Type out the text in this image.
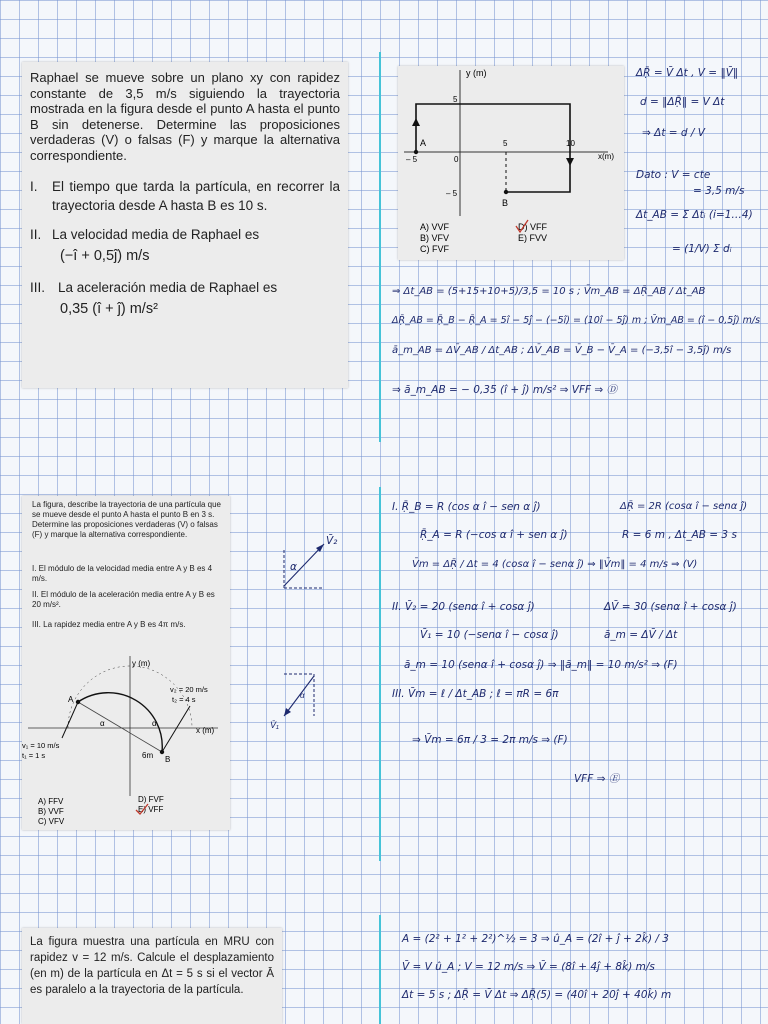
Raphael se mueve sobre un plano xy con rapidez constante de 3,5 m/s siguiendo la trayectoria mostrada en la figura desde el punto A hasta el punto B sin detenerse. Determine las proposiciones verdaderas (V) o falsas (F) y marque la alternativa correspondiente.
I.	El tiempo que tarda la partícula, en recorrer la trayectoria desde A hasta B es 10 s.
II. La velocidad media de Raphael es
(−î + 0,5ĵ) m/s
III. La aceleración media de Raphael es
0,35 (î + ĵ) m/s²
y (m)
x(m)
5
– 5
– 5	0
5	10
A
B
A) VVF
B) VFV
C) FVF
D) VFF
E) FVV
ΔṜ = V̄ Δt , V = ‖V̄‖
d = ‖ΔṜ‖ = V Δt
⇒ Δt = d / V
Dato : V = cte
= 3,5 m/s
Δt_AB = Σ Δtᵢ (i=1…4)
= (1/V) Σ dᵢ
⇒ Δt_AB = (5+15+10+5)/3,5 = 10 s ; V̄m_AB = ΔṜ_AB / Δt_AB
ΔṜ_AB = Ṝ_B − Ṝ_A = 5î − 5ĵ − (−5î) = (10î − 5ĵ) m ; V̄m_AB = (î − 0,5ĵ) m/s
ā_m_AB = ΔV̄_AB / Δt_AB ; ΔV̄_AB = V̄_B − V̄_A = (−3,5î − 3,5ĵ) m/s
⇒ ā_m_AB = − 0,35 (î + ĵ) m/s² ⇒ VFF ⇒ Ⓓ
La figura, describe la trayectoria de una partícula que se mueve desde el punto A hasta el punto B en 3 s. Determine las proposiciones verdaderas (V) o falsas (F) y marque la alternativa correspondiente.
I. El módulo de la velocidad media entre A y B es 4 m/s.
II. El módulo de la aceleración media entre A y B es 20 m/s².
III. La rapidez media entre A y B es 4π m/s.
y (m)
x (m)
A
B
α	α
6m
v₂ = 20 m/s
t₂ = 4 s
v₁ = 10 m/s
t₁ = 1 s
A) FFV
B) VVF
C) VFV
D) FVF
E) VFF
V̄₂
α
V̄₁
α
I. Ṝ_B = R (cos α î − sen α ĵ)	ΔṜ = 2R (cosα î − senα ĵ)
Ṝ_A = R (−cos α î + sen α ĵ)	R = 6 m , Δt_AB = 3 s
V̄m = ΔṜ / Δt = 4 (cosα î − senα ĵ) ⇒ ‖V̄m‖ = 4 m/s ⇒ (V)
II. V̄₂ = 20 (senα î + cosα ĵ)	ΔV̄ = 30 (senα î + cosα ĵ)
V̄₁ = 10 (−senα î − cosα ĵ)	ā_m = ΔV̄ / Δt
ā_m = 10 (senα î + cosα ĵ) ⇒ ‖ā_m‖ = 10 m/s² ⇒ (F)
III. V̄m = ℓ / Δt_AB ; ℓ = πR = 6π
⇒ V̄m = 6π / 3 = 2π m/s ⇒ (F)
VFF ⇒ Ⓔ
La figura muestra una partícula en MRU con rapidez v = 12 m/s. Calcule el desplazamiento (en m) de la partícula en Δt = 5 s si el vector Ā es paralelo a la trayectoria de la partícula.
A = (2² + 1² + 2²)^½ = 3 ⇒ û_A = (2î + ĵ + 2k̂) / 3
V̄ = V û_A ; V = 12 m/s ⇒ V̄ = (8î + 4ĵ + 8k̂) m/s
Δt = 5 s ; ΔṜ = V̄ Δt ⇒ ΔṜ(5) = (40î + 20ĵ + 40k̂) m
